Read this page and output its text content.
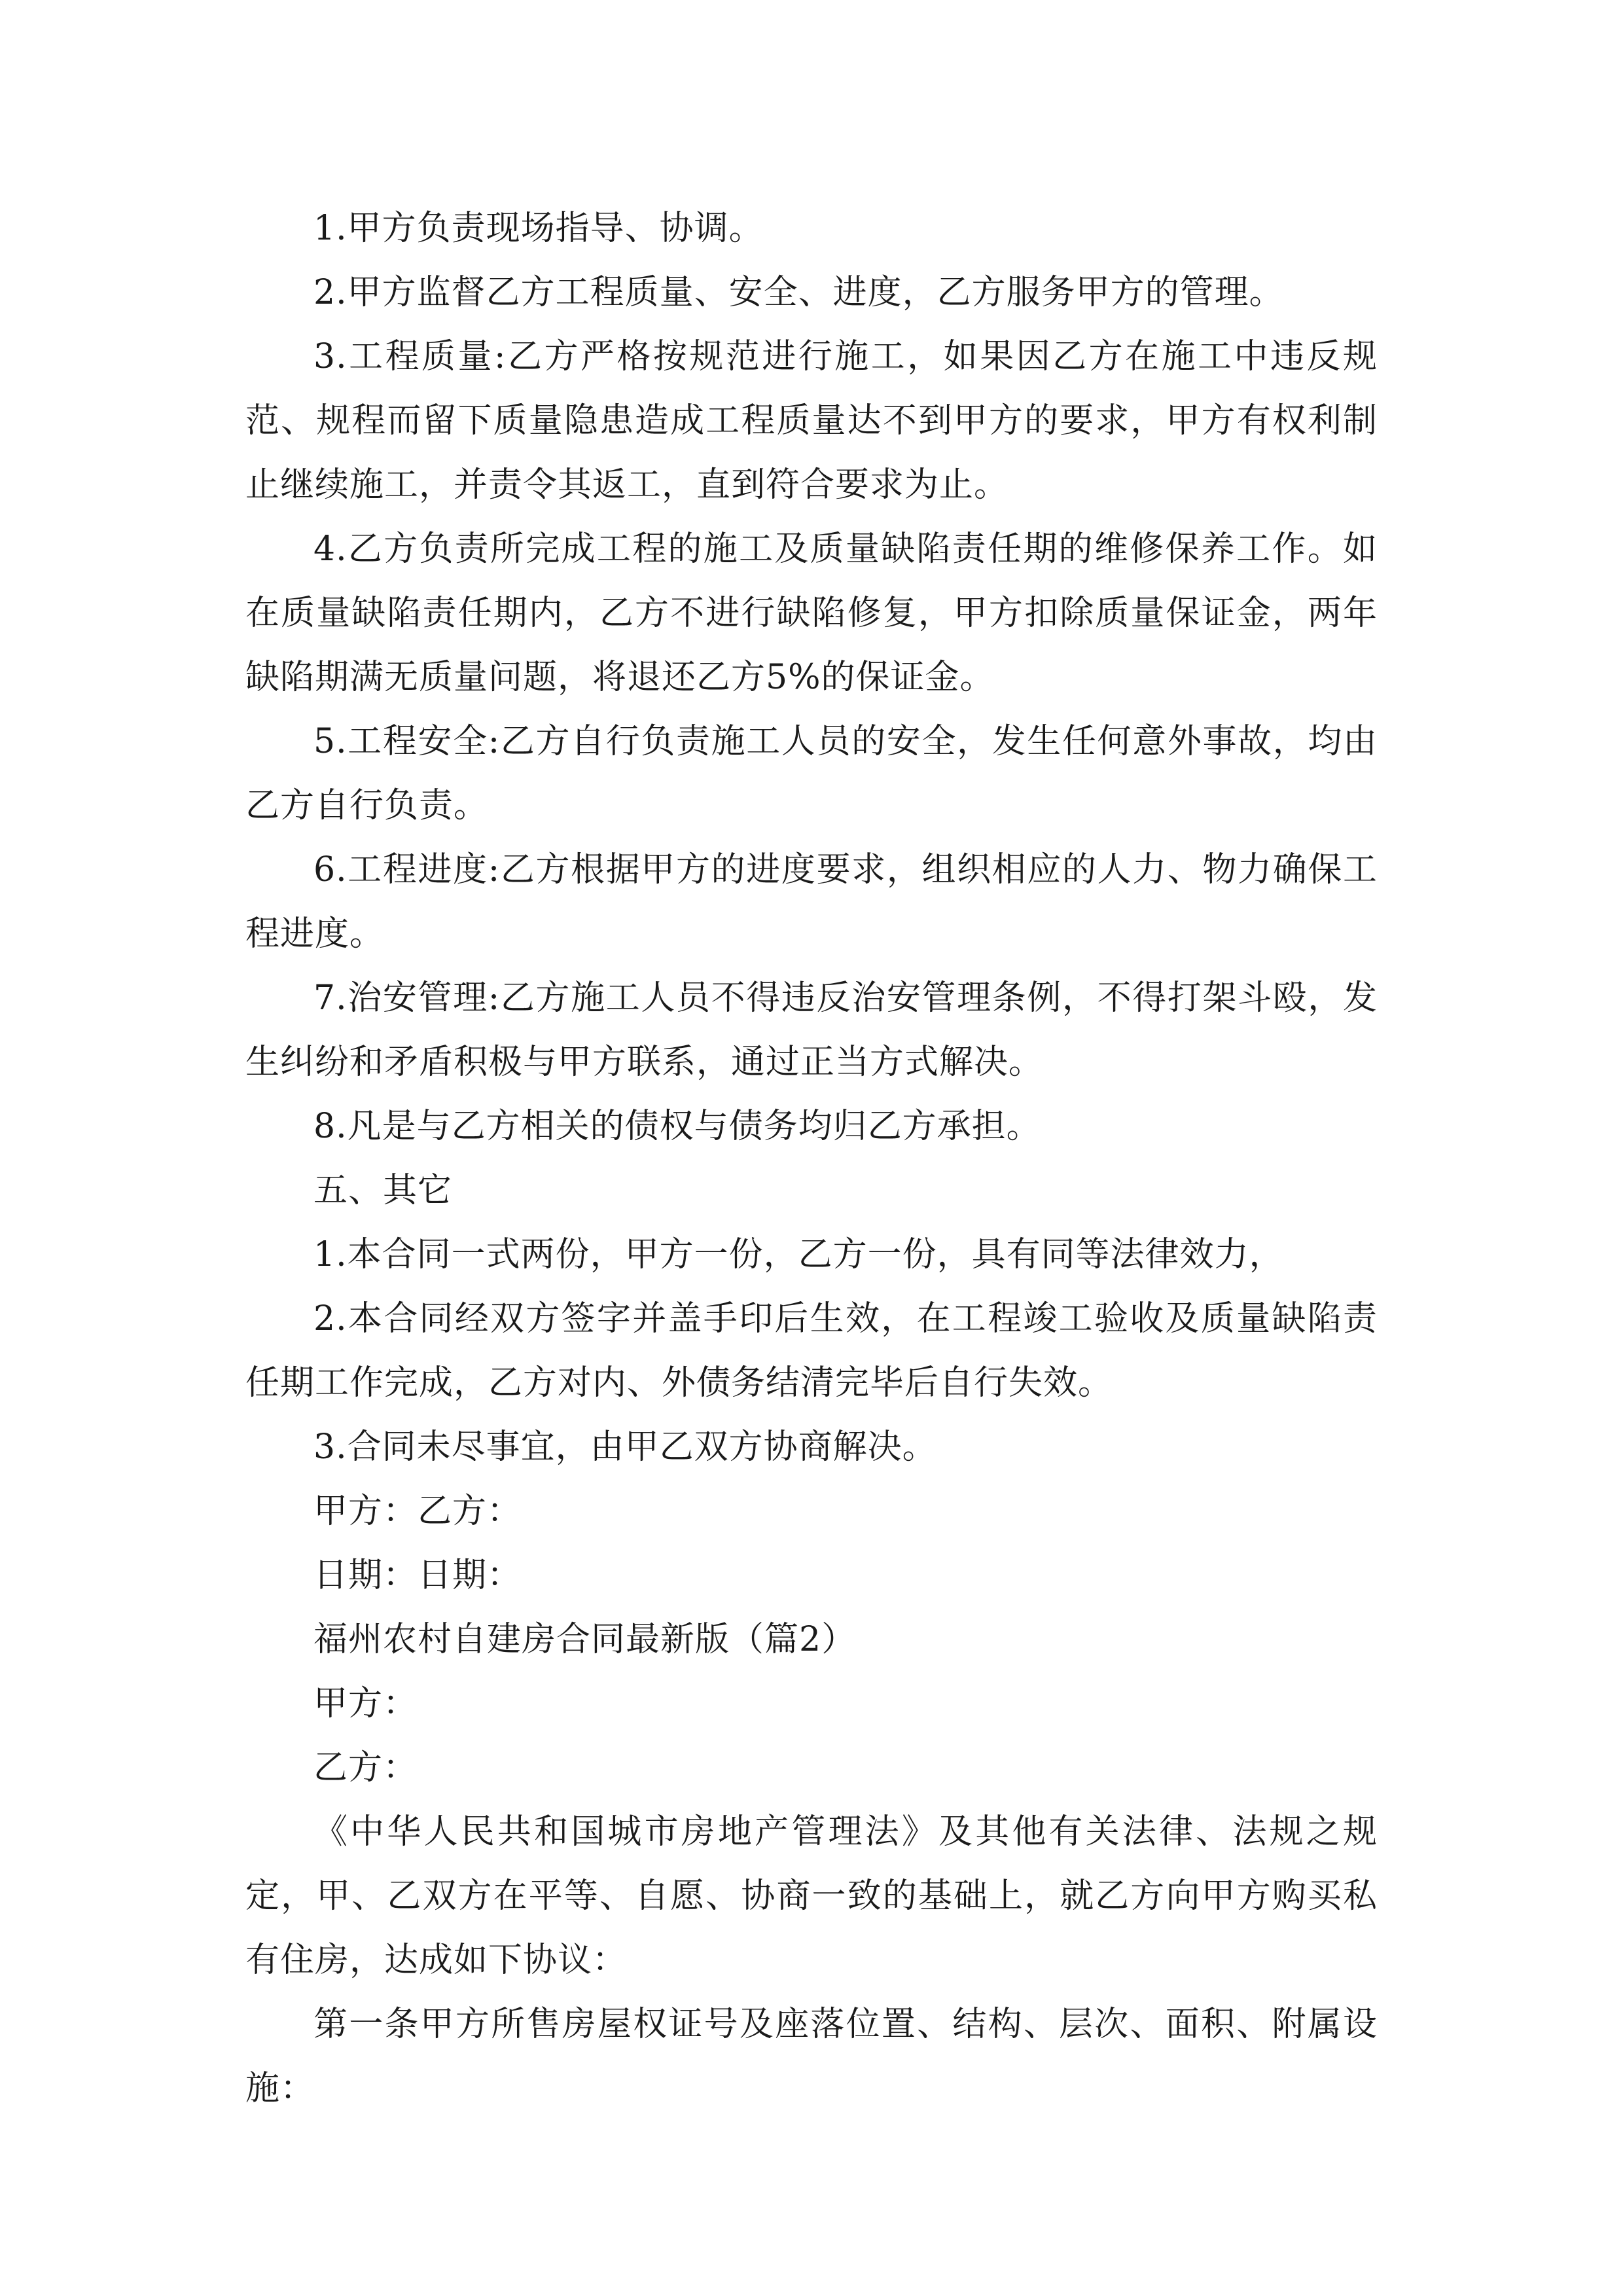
1.甲方负责现场指导、协调。

2.甲方监督乙方工程质量、安全、进度，乙方服务甲方的管理。

3.工程质量:乙方严格按规范进行施工，如果因乙方在施工中违反规范、规程而留下质量隐患造成工程质量达不到甲方的要求，甲方有权利制止继续施工，并责令其返工，直到符合要求为止。

4.乙方负责所完成工程的施工及质量缺陷责任期的维修保养工作。如在质量缺陷责任期内，乙方不进行缺陷修复，甲方扣除质量保证金，两年缺陷期满无质量问题，将退还乙方5%的保证金。

5.工程安全:乙方自行负责施工人员的安全，发生任何意外事故，均由乙方自行负责。

6.工程进度:乙方根据甲方的进度要求，组织相应的人力、物力确保工程进度。

7.治安管理:乙方施工人员不得违反治安管理条例，不得打架斗殴，发生纠纷和矛盾积极与甲方联系，通过正当方式解决。

8.凡是与乙方相关的债权与债务均归乙方承担。

五、其它

1.本合同一式两份，甲方一份，乙方一份，具有同等法律效力，

2.本合同经双方签字并盖手印后生效，在工程竣工验收及质量缺陷责任期工作完成，乙方对内、外债务结清完毕后自行失效。

3.合同未尽事宜，由甲乙双方协商解决。

甲方：乙方：

日期：日期：

福州农村自建房合同最新版（篇2）

甲方：

乙方：

《中华人民共和国城市房地产管理法》及其他有关法律、法规之规定，甲、乙双方在平等、自愿、协商一致的基础上，就乙方向甲方购买私有住房，达成如下协议：

第一条甲方所售房屋权证号及座落位置、结构、层次、面积、附属设施：
